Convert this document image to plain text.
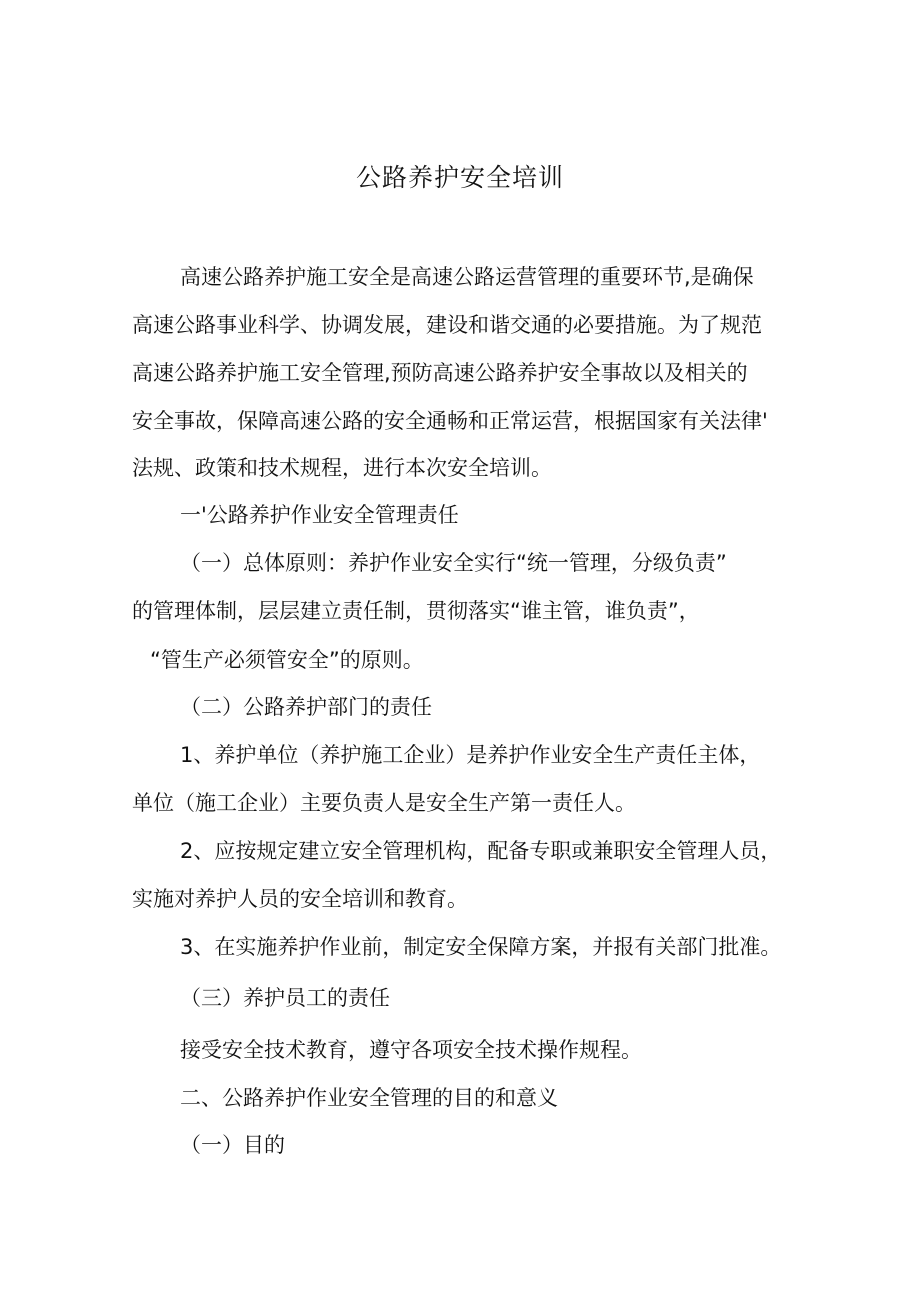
公路养护安全培训
高速公路养护施工安全是高速公路运营管理的重要环节,是确保
高速公路事业科学、协调发展，建设和谐交通的必要措施。为了规范
高速公路养护施工安全管理,预防高速公路养护安全事故以及相关的
安全事故，保障高速公路的安全通畅和正常运营，根据国家有关法律'
法规、政策和技术规程，进行本次安全培训。
一'公路养护作业安全管理责任
（一）总体原则：养护作业安全实行“统一管理，分级负责”
的管理体制，层层建立责任制，贯彻落实“谁主管，谁负责”，
“管生产必须管安全”的原则。
（二）公路养护部门的责任
1、养护单位（养护施工企业）是养护作业安全生产责任主体，
单位（施工企业）主要负责人是安全生产第一责任人。
2、应按规定建立安全管理机构，配备专职或兼职安全管理人员，
实施对养护人员的安全培训和教育。
3、在实施养护作业前，制定安全保障方案，并报有关部门批准。
（三）养护员工的责任
接受安全技术教育，遵守各项安全技术操作规程。
二、公路养护作业安全管理的目的和意义
（一）目的
